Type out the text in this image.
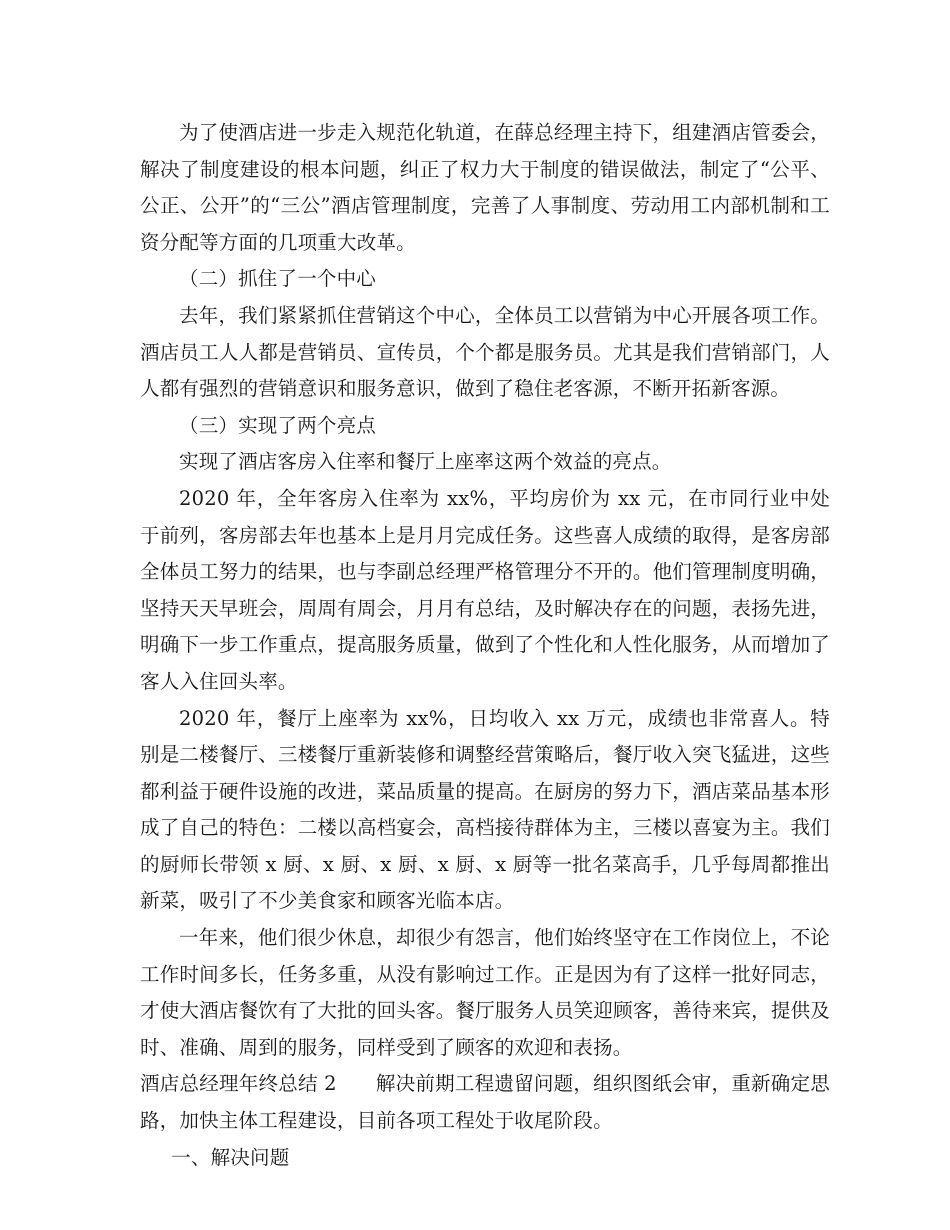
为了使酒店进一步走入规范化轨道，在薛总经理主持下，组建酒店管委会，解决了制度建设的根本问题，纠正了权力大于制度的错误做法，制定了“公平、公正、公开”的“三公”酒店管理制度，完善了人事制度、劳动用工内部机制和工资分配等方面的几项重大改革。

（二）抓住了一个中心

去年，我们紧紧抓住营销这个中心，全体员工以营销为中心开展各项工作。酒店员工人人都是营销员、宣传员，个个都是服务员。尤其是我们营销部门，人人都有强烈的营销意识和服务意识，做到了稳住老客源，不断开拓新客源。

（三）实现了两个亮点

实现了酒店客房入住率和餐厅上座率这两个效益的亮点。

2020 年，全年客房入住率为 xx%，平均房价为 xx 元，在市同行业中处于前列，客房部去年也基本上是月月完成任务。这些喜人成绩的取得，是客房部全体员工努力的结果，也与李副总经理严格管理分不开的。他们管理制度明确，坚持天天早班会，周周有周会，月月有总结，及时解决存在的问题，表扬先进，明确下一步工作重点，提高服务质量，做到了个性化和人性化服务，从而增加了客人入住回头率。

2020 年，餐厅上座率为 xx%，日均收入 xx 万元，成绩也非常喜人。特别是二楼餐厅、三楼餐厅重新装修和调整经营策略后，餐厅收入突飞猛进，这些都利益于硬件设施的改进，菜品质量的提高。在厨房的努力下，酒店菜品基本形成了自己的特色：二楼以高档宴会，高档接待群体为主，三楼以喜宴为主。我们的厨师长带领 x 厨、x 厨、x 厨、x 厨、x 厨等一批名菜高手，几乎每周都推出新菜，吸引了不少美食家和顾客光临本店。

一年来，他们很少休息，却很少有怨言，他们始终坚守在工作岗位上，不论工作时间多长，任务多重，从没有影响过工作。正是因为有了这样一批好同志，才使大酒店餐饮有了大批的回头客。餐厅服务人员笑迎顾客，善待来宾，提供及时、准确、周到的服务，同样受到了顾客的欢迎和表扬。

酒店总经理年终总结 2 解决前期工程遗留问题，组织图纸会审，重新确定思路，加快主体工程建设，目前各项工程处于收尾阶段。

一、解决问题
